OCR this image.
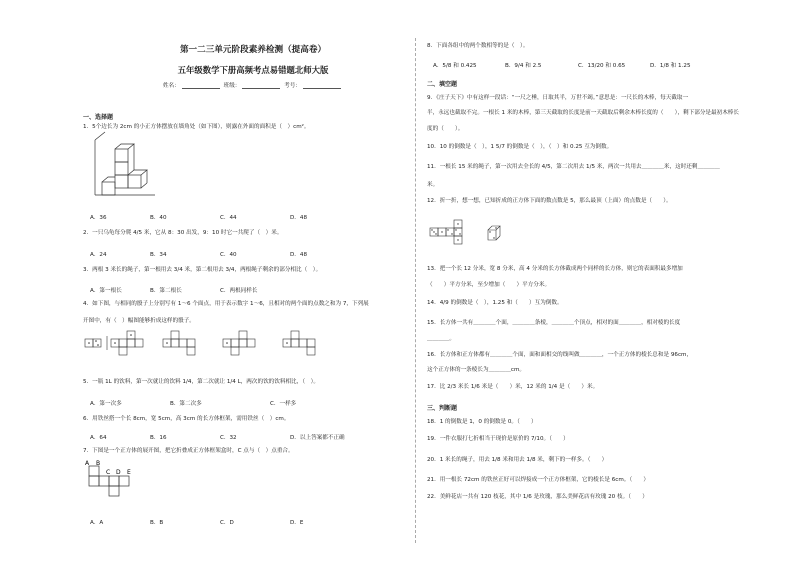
第一二三单元阶段素养检测（提高卷）
五年级数学下册高频考点易错题北师大版
姓名：	班级：	考号：
一、选择题
1．5个边长为 2cm 的小正方体摆放在墙角处（如下图），则露在外面的面积是（　）cm²。
A．36	B．40	C．44	D．48
2．一只乌龟每分爬 4/5 米，它从 8：30 出发，9：10 时它一共爬了（　）米。
A．24	B．34	C．40	D．48
3．两根 3 米长的绳子，第一根用去 3/4 米，第二根用去 3/4，两根绳子剩余的部分相比（　）。
A．第一根长	B．第二根长	C．两根同样长
4．如下图，与相同的骰子上分别写有 1～6 个面点，用于表示数字 1～6，且相对的两个面的点数之和为 7，下列展
开图中，有（　）幅图能够折成这样的骰子。
5．一瓶 1L 的饮料，第一次就让的饮料 1/4，第二次就让 1/4 L，两次的饮的饮料相比，（　）。
A．第一次多	B．第二次多	C．一样多
6．用铁丝搭一个长 8cm，宽 5cm，高 3cm 的长方体框架，需用铁丝（　）cm。
A．64	B．16	C．32	D．以上答案都不正确
7．下图是一个正方体的展开图，把它折叠成正方体框架盒时，C 点与（　）点重合。
A B
C D E
A．A	B．B	C．D	D．E
8．下面各组中的两个数相等的是（　）。
A．5/8 和 0.425	B．9/4 和 2.5	C．13/20 和 0.65	D．1/8 和 1.25
二、填空题
9．《庄子天下》中有这样一段话：“一尺之棰，日取其半，万世不竭。”意思是：一尺长的木棒，每天截取一
半，永远也截取不完。一根长 1 米的木棒，第三天截取的长度是前一天截取后剩余木棒长度的（　　），剩下部分是最初木棒长
度的（　　）。
10．10 的倒数是（　），1 5/7 的倒数是（　），（　）和 0.25 互为倒数。
11．一根长 15 米的绳子，第一次用去全长的 4/5，第二次用去 1/5 米，两次一共用去＿＿＿＿米，这时还剩＿＿＿＿
米。
12．折一折，想一想，已知折成的正方体下面的数点数是 5，那么最顶（上面）的点数是（　　）。
13．把一个长 12 分米，宽 8 分米，高 4 分米的长方体截成两个同样的长方体，则它的表面积最多增加
（　　）平方分米，至少增加（　　）平方分米。
14．4/9 的倒数是（　），1.25 和（　　）互为倒数。
15．长方体一共有＿＿＿＿个面，＿＿＿＿条棱，＿＿＿＿个顶点，相对的面＿＿＿＿，相对棱的长度
＿＿＿＿。
16．长方体和正方体都有＿＿＿＿个面，面和面相交的线叫做＿＿＿＿，一个正方体的棱长总和是 96cm，
这个正方体的一条棱长为＿＿＿＿cm。
17．比 2/3 米长 1/6 米是（　　）米，12 米的 1/4 是（　　）米。
三、判断题
18．1 的倒数是 1，0 的倒数是 0。（　　）
19．一件衣服打七折相当于现价是原价的 7/10。（　　）
20．1 米长的绳子，用去 1/8 米和用去 1/8 米，剩下的一样多。（　　）
21．用一根长 72cm 的铁丝正好可以焊接成一个正方体框架，它的棱长是 6cm。（　　）
22．美鲜花店一共有 120 枝花，其中 1/6 是玫瑰，那么美鲜花店有玫瑰 20 枝。（　　）
